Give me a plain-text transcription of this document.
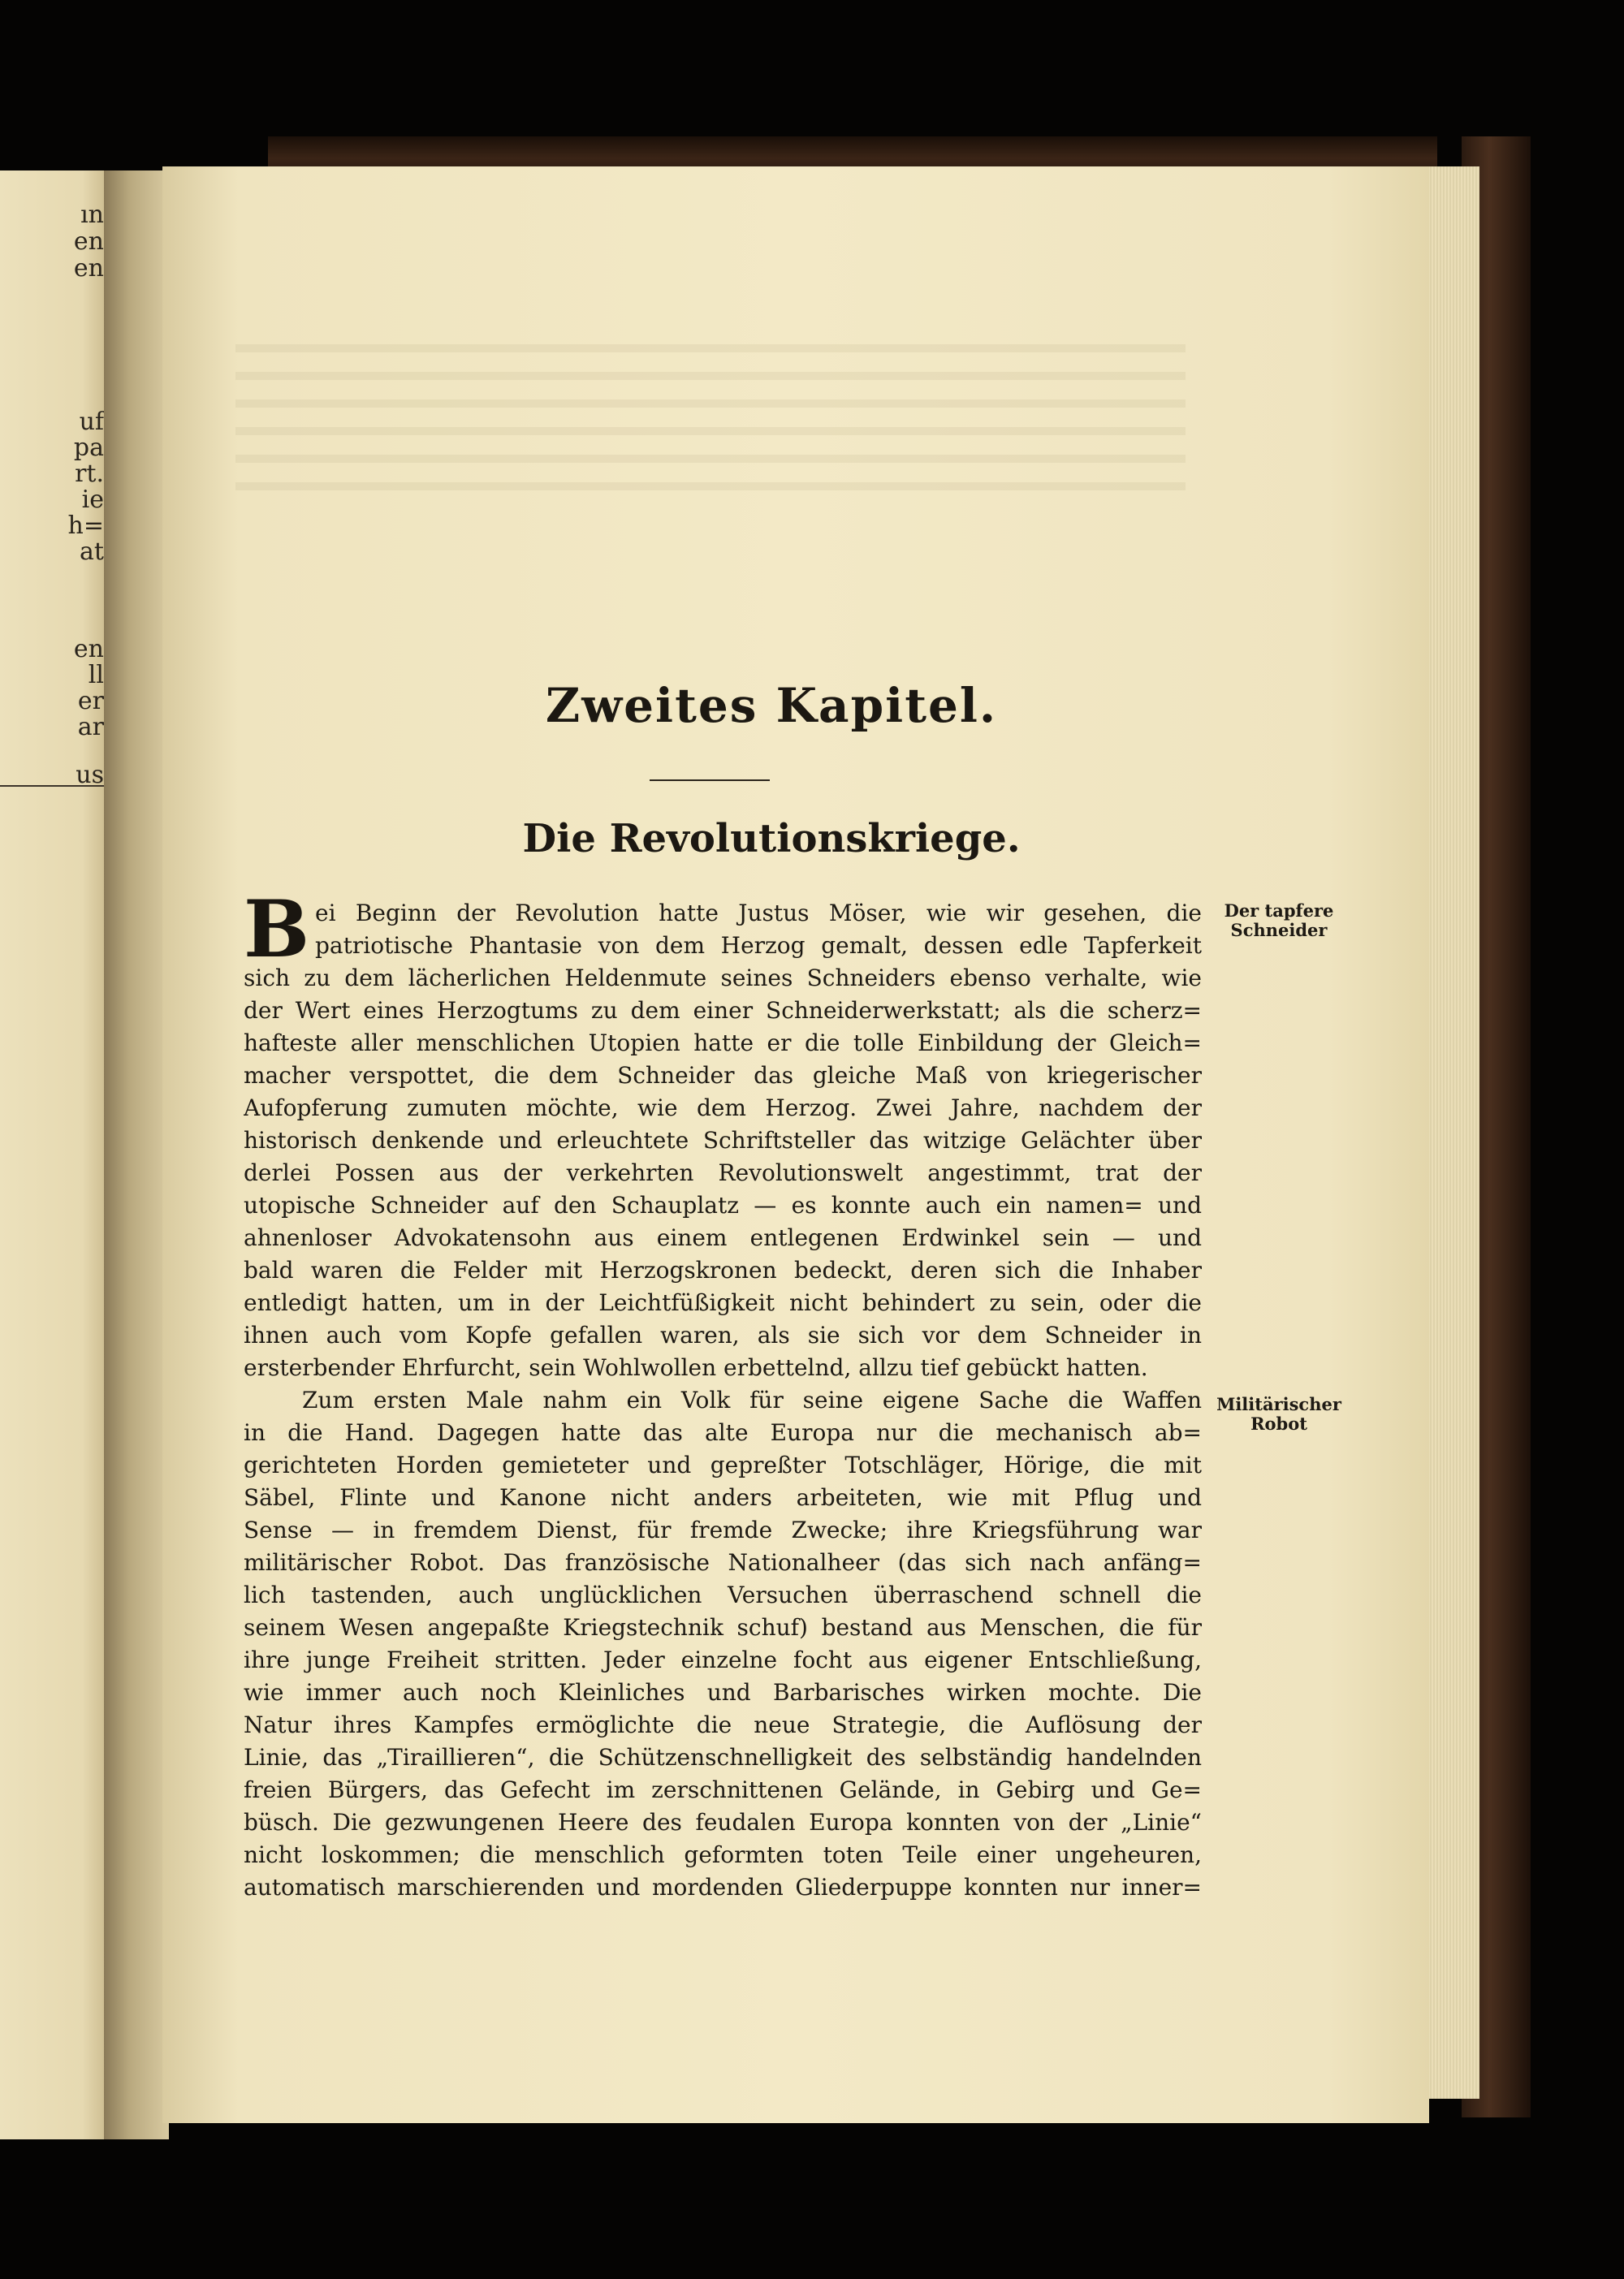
ın
en
en
uf
pa
rt.
ie
h=
at
en
ll
er
ar
us
Zweites Kapitel.
Die Revolutionskriege.
B ei Beginn der Revolution hatte Justus Möser, wie wir gesehen, die
patriotische Phantasie von dem Herzog gemalt, dessen edle Tapferkeit
sich zu dem lächerlichen Heldenmute seines Schneiders ebenso verhalte, wie
der Wert eines Herzogtums zu dem einer Schneiderwerkstatt; als die scherz=
hafteste aller menschlichen Utopien hatte er die tolle Einbildung der Gleich=
macher verspottet, die dem Schneider das gleiche Maß von kriegerischer
Aufopferung zumuten möchte, wie dem Herzog. Zwei Jahre, nachdem der
historisch denkende und erleuchtete Schriftsteller das witzige Gelächter über
derlei Possen aus der verkehrten Revolutionswelt angestimmt, trat der
utopische Schneider auf den Schauplatz — es konnte auch ein namen= und
ahnenloser Advokatensohn aus einem entlegenen Erdwinkel sein — und
bald waren die Felder mit Herzogskronen bedeckt, deren sich die Inhaber
entledigt hatten, um in der Leichtfüßigkeit nicht behindert zu sein, oder die
ihnen auch vom Kopfe gefallen waren, als sie sich vor dem Schneider in
ersterbender Ehrfurcht, sein Wohlwollen erbettelnd, allzu tief gebückt hatten.
Zum ersten Male nahm ein Volk für seine eigene Sache die Waffen
in die Hand. Dagegen hatte das alte Europa nur die mechanisch ab=
gerichteten Horden gemieteter und gepreßter Totschläger, Hörige, die mit
Säbel, Flinte und Kanone nicht anders arbeiteten, wie mit Pflug und
Sense — in fremdem Dienst, für fremde Zwecke; ihre Kriegsführung war
militärischer Robot. Das französische Nationalheer (das sich nach anfäng=
lich tastenden, auch unglücklichen Versuchen überraschend schnell die
seinem Wesen angepaßte Kriegstechnik schuf) bestand aus Menschen, die für
ihre junge Freiheit stritten. Jeder einzelne focht aus eigener Entschließung,
wie immer auch noch Kleinliches und Barbarisches wirken mochte. Die
Natur ihres Kampfes ermöglichte die neue Strategie, die Auflösung der
Linie, das „Tiraillieren“, die Schützenschnelligkeit des selbständig handelnden
freien Bürgers, das Gefecht im zerschnittenen Gelände, in Gebirg und Ge=
büsch. Die gezwungenen Heere des feudalen Europa konnten von der „Linie“
nicht loskommen; die menschlich geformten toten Teile einer ungeheuren,
automatisch marschierenden und mordenden Gliederpuppe konnten nur inner=
Der tapfere Schneider
Militärischer Robot
